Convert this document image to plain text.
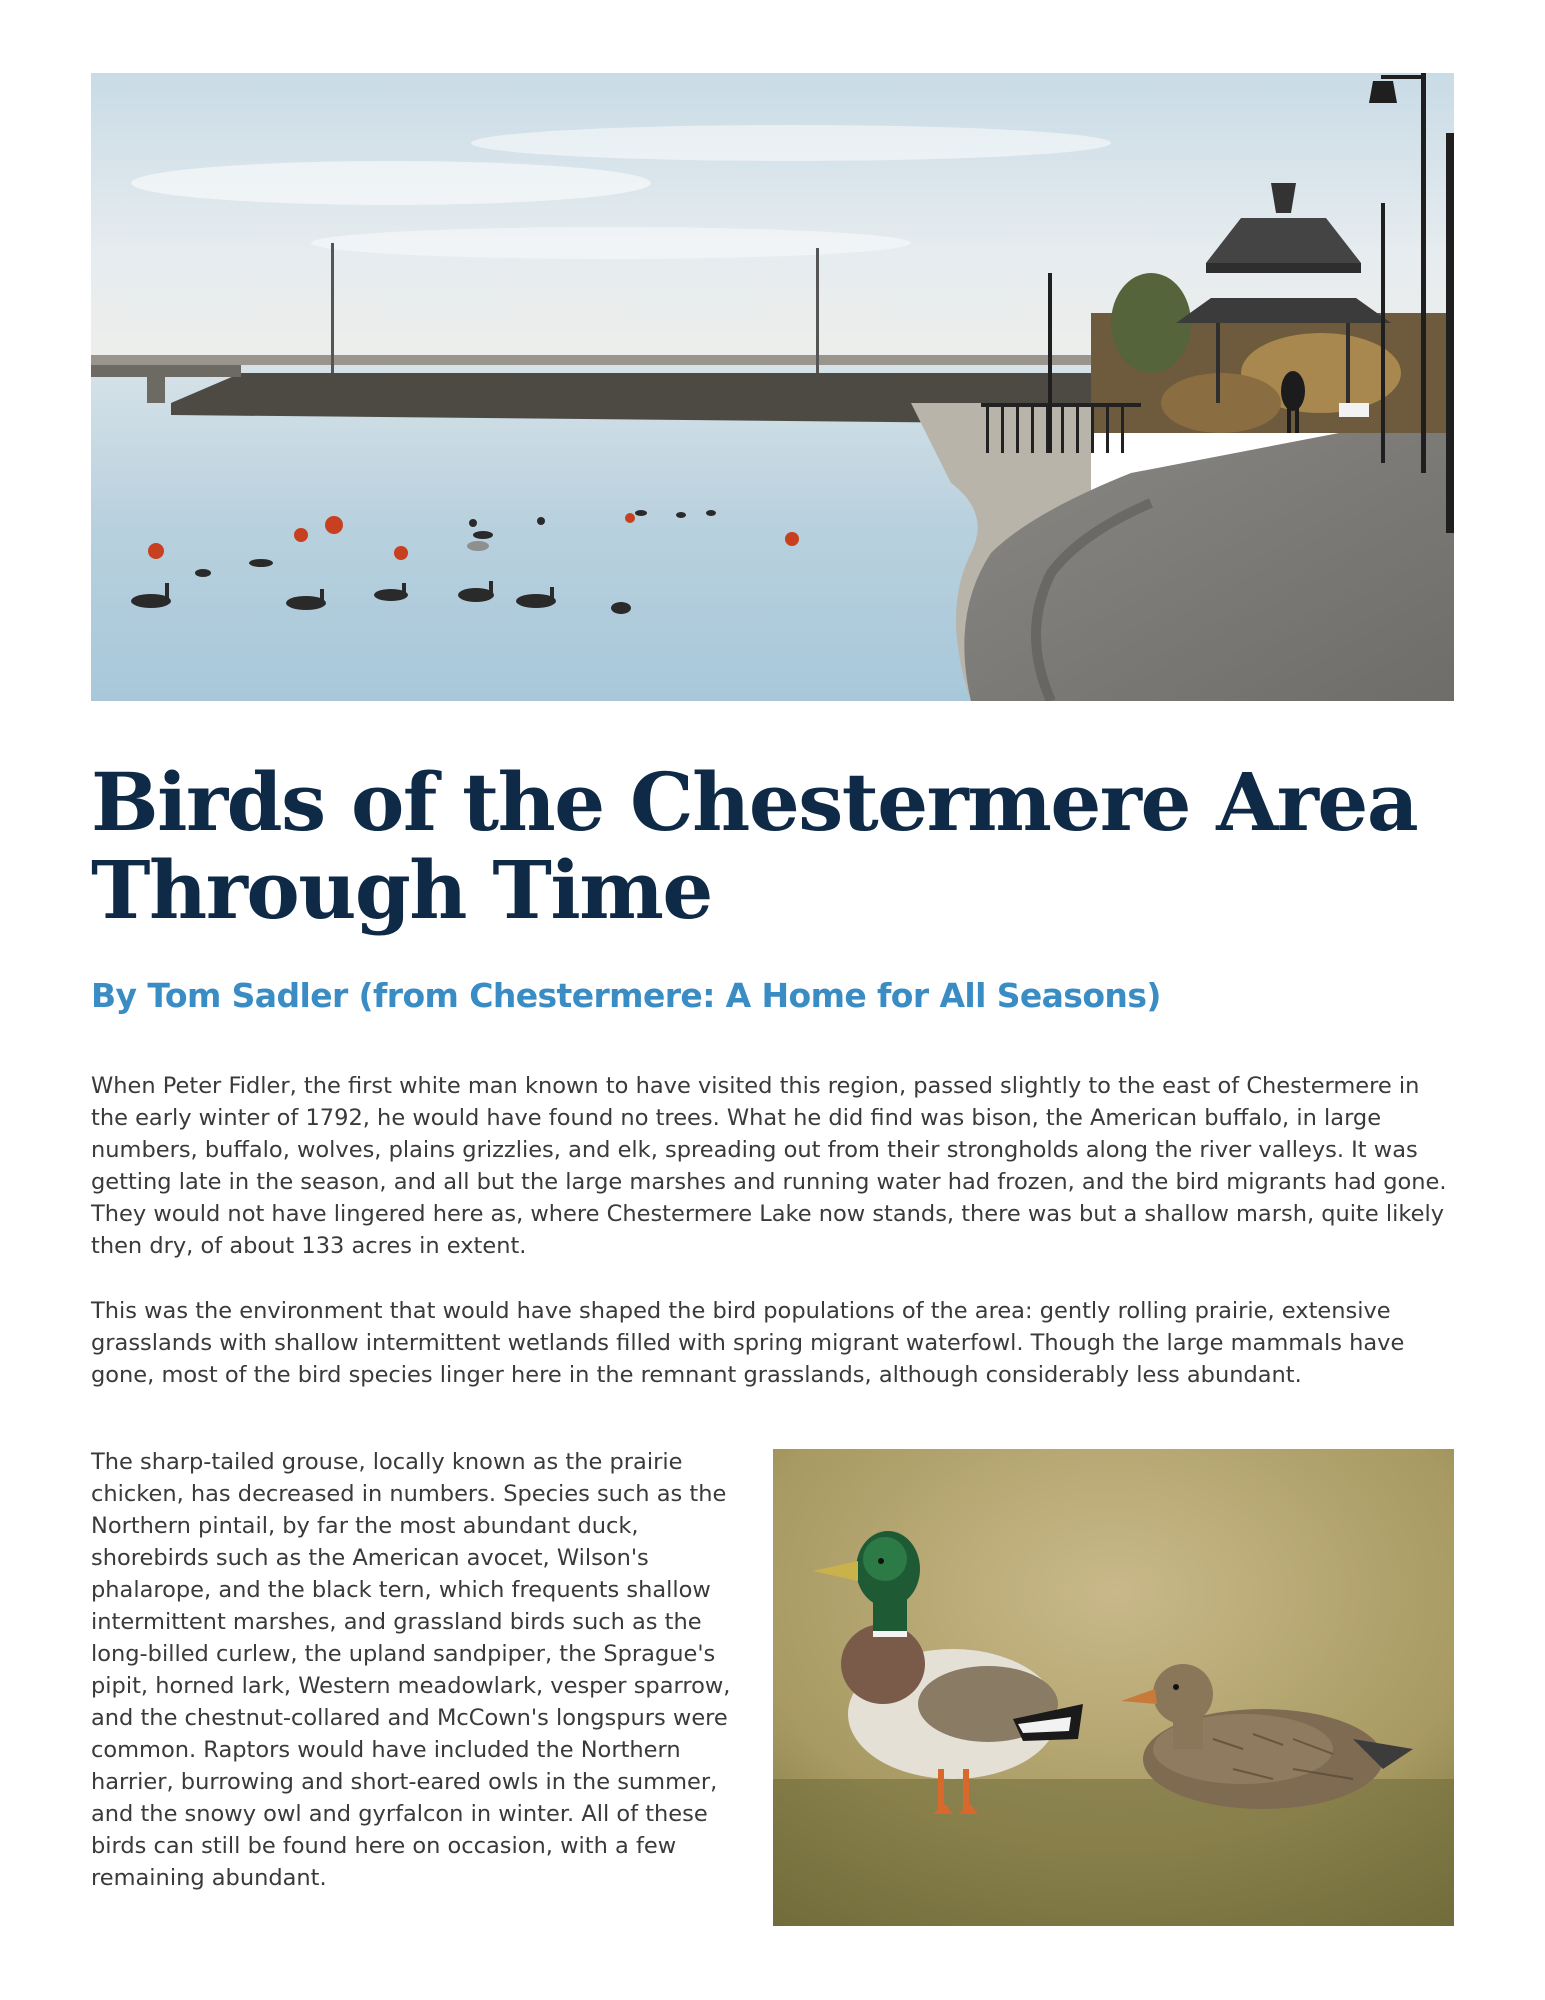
Birds of the Chestermere Area Through Time
By Tom Sadler (from Chestermere: A Home for All Seasons)

When Peter Fidler, the first white man known to have visited this region, passed slightly to the east of Chestermere in the early winter of 1792, he would have found no trees. What he did find was bison, the American buffalo, in large numbers, buffalo, wolves, plains grizzlies, and elk, spreading out from their strongholds along the river valleys. It was getting late in the season, and all but the large marshes and running water had frozen, and the bird migrants had gone. They would not have lingered here as, where Chestermere Lake now stands, there was but a shallow marsh, quite likely then dry, of about 133 acres in extent.

This was the environment that would have shaped the bird populations of the area: gently rolling prairie, extensive grasslands with shallow intermittent wetlands filled with spring migrant waterfowl. Though the large mammals have gone, most of the bird species linger here in the remnant grasslands, although considerably less abundant.

The sharp-tailed grouse, locally known as the prairie chicken, has decreased in numbers. Species such as the Northern pintail, by far the most abundant duck, shorebirds such as the American avocet, Wilson's phalarope, and the black tern, which frequents shallow intermittent marshes, and grassland birds such as the long-billed curlew, the upland sandpiper, the Sprague's pipit, horned lark, Western meadowlark, vesper sparrow, and the chestnut-collared and McCown's longspurs were common. Raptors would have included the Northern harrier, burrowing and short-eared owls in the summer, and the snowy owl and gyrfalcon in winter. All of these birds can still be found here on occasion, with a few remaining abundant.
